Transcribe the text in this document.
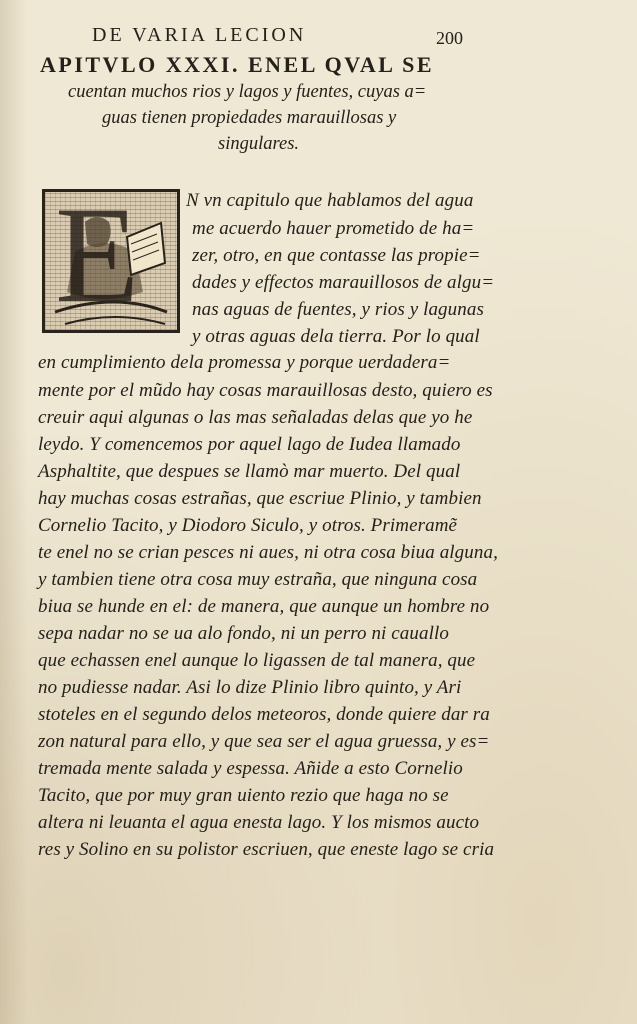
DE VARIA LECION	200
APITVLO XXXI. ENEL QVAL SE
cuentan muchos rios y lagos y fuentes, cuyas a=
guas tienen propiedades marauillosas y
singulares.
E N vn capitulo que hablamos del agua
me acuerdo hauer prometido de ha=
zer, otro, en que contasse las propie=
dades y effectos marauillosos de algu=
nas aguas de fuentes, y rios y lagunas
y otras aguas dela tierra. Por lo qual
en cumplimiento dela promessa y porque uerdadera=
mente por el mũdo hay cosas marauillosas desto, quiero es
creuir aqui algunas o las mas señaladas delas que yo he
leydo. Y comencemos por aquel lago de Iudea llamado
Asphaltite, que despues se llamò mar muerto. Del qual
hay muchas cosas estrañas, que escriue Plinio, y tambien
Cornelio Tacito, y Diodoro Siculo, y otros. Primeramẽ
te enel no se crian pesces ni aues, ni otra cosa biua alguna,
y tambien tiene otra cosa muy estraña, que ninguna cosa
biua se hunde en el: de manera, que aunque un hombre no
sepa nadar no se ua alo fondo, ni un perro ni cauallo
que echassen enel aunque lo ligassen de tal manera, que
no pudiesse nadar. Asi lo dize Plinio libro quinto, y Ari
stoteles en el segundo delos meteoros, donde quiere dar ra
zon natural para ello, y que sea ser el agua gruessa, y es=
tremada mente salada y espessa. Añide a esto Cornelio
Tacito, que por muy gran uiento rezio que haga no se
altera ni leuanta el agua enesta lago. Y los mismos aucto
res y Solino en su polistor escriuen, que eneste lago se cria
